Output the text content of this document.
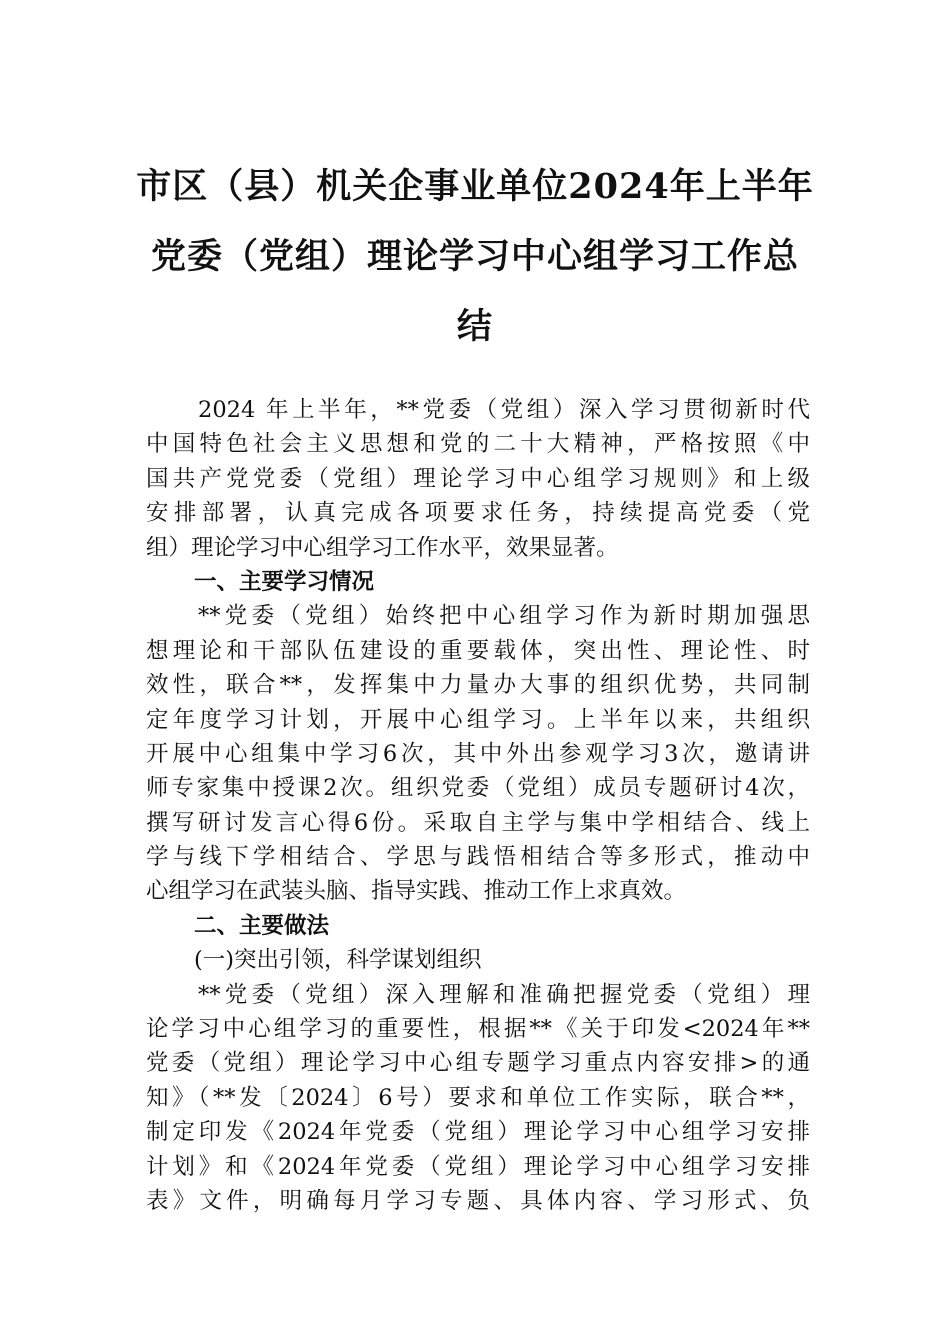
市区（县）机关企事业单位2024年上半年
党委（党组）理论学习中心组学习工作总
结
2024 年上半年，**党委（党组）深入学习贯彻新时代
中国特色社会主义思想和党的二十大精神，严格按照《中
国共产党党委（党组）理论学习中心组学习规则》和上级
安排部署，认真完成各项要求任务，持续提高党委（党
组）理论学习中心组学习工作水平，效果显著。
一、主要学习情况
**党委（党组）始终把中心组学习作为新时期加强思
想理论和干部队伍建设的重要载体，突出性、理论性、时
效性，联合**，发挥集中力量办大事的组织优势，共同制
定年度学习计划，开展中心组学习。上半年以来，共组织
开展中心组集中学习6次，其中外出参观学习3次，邀请讲
师专家集中授课2次。组织党委（党组）成员专题研讨4次，
撰写研讨发言心得6份。采取自主学与集中学相结合、线上
学与线下学相结合、学思与践悟相结合等多形式，推动中
心组学习在武装头脑、指导实践、推动工作上求真效。
二、主要做法
(一)突出引领，科学谋划组织
**党委（党组）深入理解和准确把握党委（党组）理
论学习中心组学习的重要性，根据**《关于印发<2024年**
党委（党组）理论学习中心组专题学习重点内容安排>的通
知》（**发〔2024〕6号）要求和单位工作实际，联合**，
制定印发《2024年党委（党组）理论学习中心组学习安排
计划》和《2024年党委（党组）理论学习中心组学习安排
表》文件，明确每月学习专题、具体内容、学习形式、负
